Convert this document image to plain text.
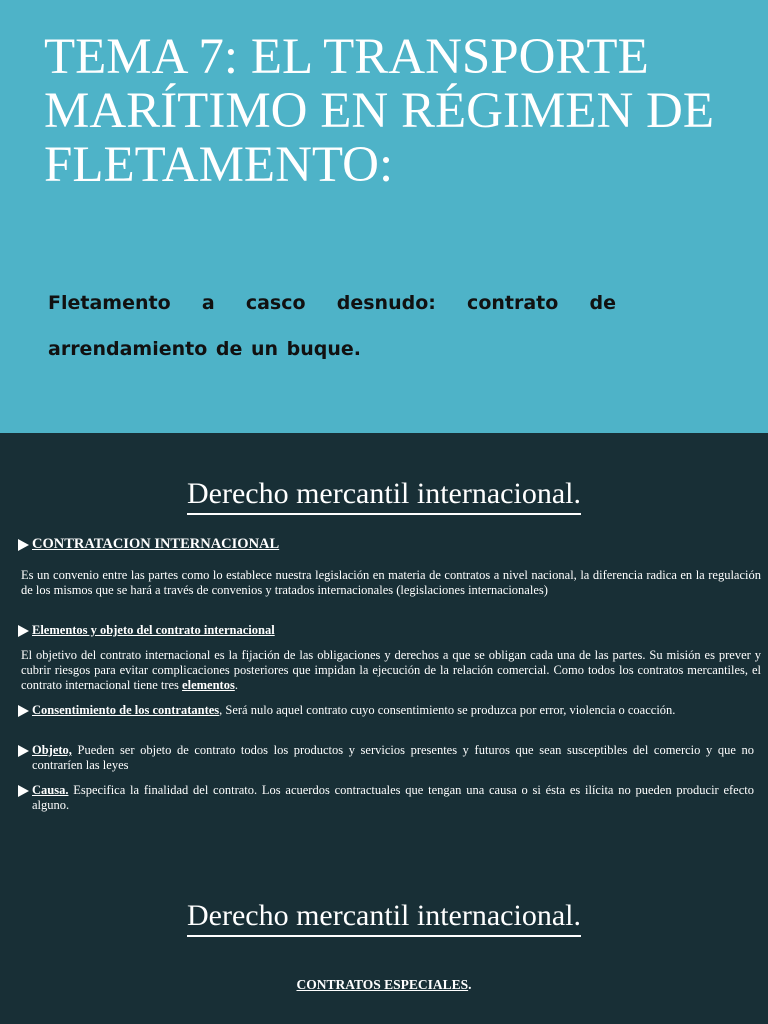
TEMA 7: EL TRANSPORTE MARÍTIMO EN RÉGIMEN DE FLETAMENTO:
Fletamento a casco desnudo: contrato de arrendamiento de un buque.
Derecho mercantil internacional.
CONTRATACION INTERNACIONAL

Es un convenio entre las partes como lo establece nuestra legislación en materia de contratos a nivel nacional, la diferencia radica en la regulación de los mismos que se hará a través de convenios y tratados internacionales (legislaciones internacionales)

Elementos y objeto del contrato internacional

El objetivo del contrato internacional es la fijación de las obligaciones y derechos a que se obligan cada una de las partes. Su misión es prever y cubrir riesgos para evitar complicaciones posteriores que impidan la ejecución de la relación comercial. Como todos los contratos mercantiles, el contrato internacional tiene tres elementos.

Consentimiento de los contratantes, Será nulo aquel contrato cuyo consentimiento se produzca por error, violencia o coacción.
Objeto, Pueden ser objeto de contrato todos los productos y servicios presentes y futuros que sean susceptibles del comercio y que no contraríen las leyes
Causa. Especifica la finalidad del contrato. Los acuerdos contractuales que tengan una causa o si ésta es ilícita no pueden producir efecto alguno.
Derecho mercantil internacional.
CONTRATOS ESPECIALES.
